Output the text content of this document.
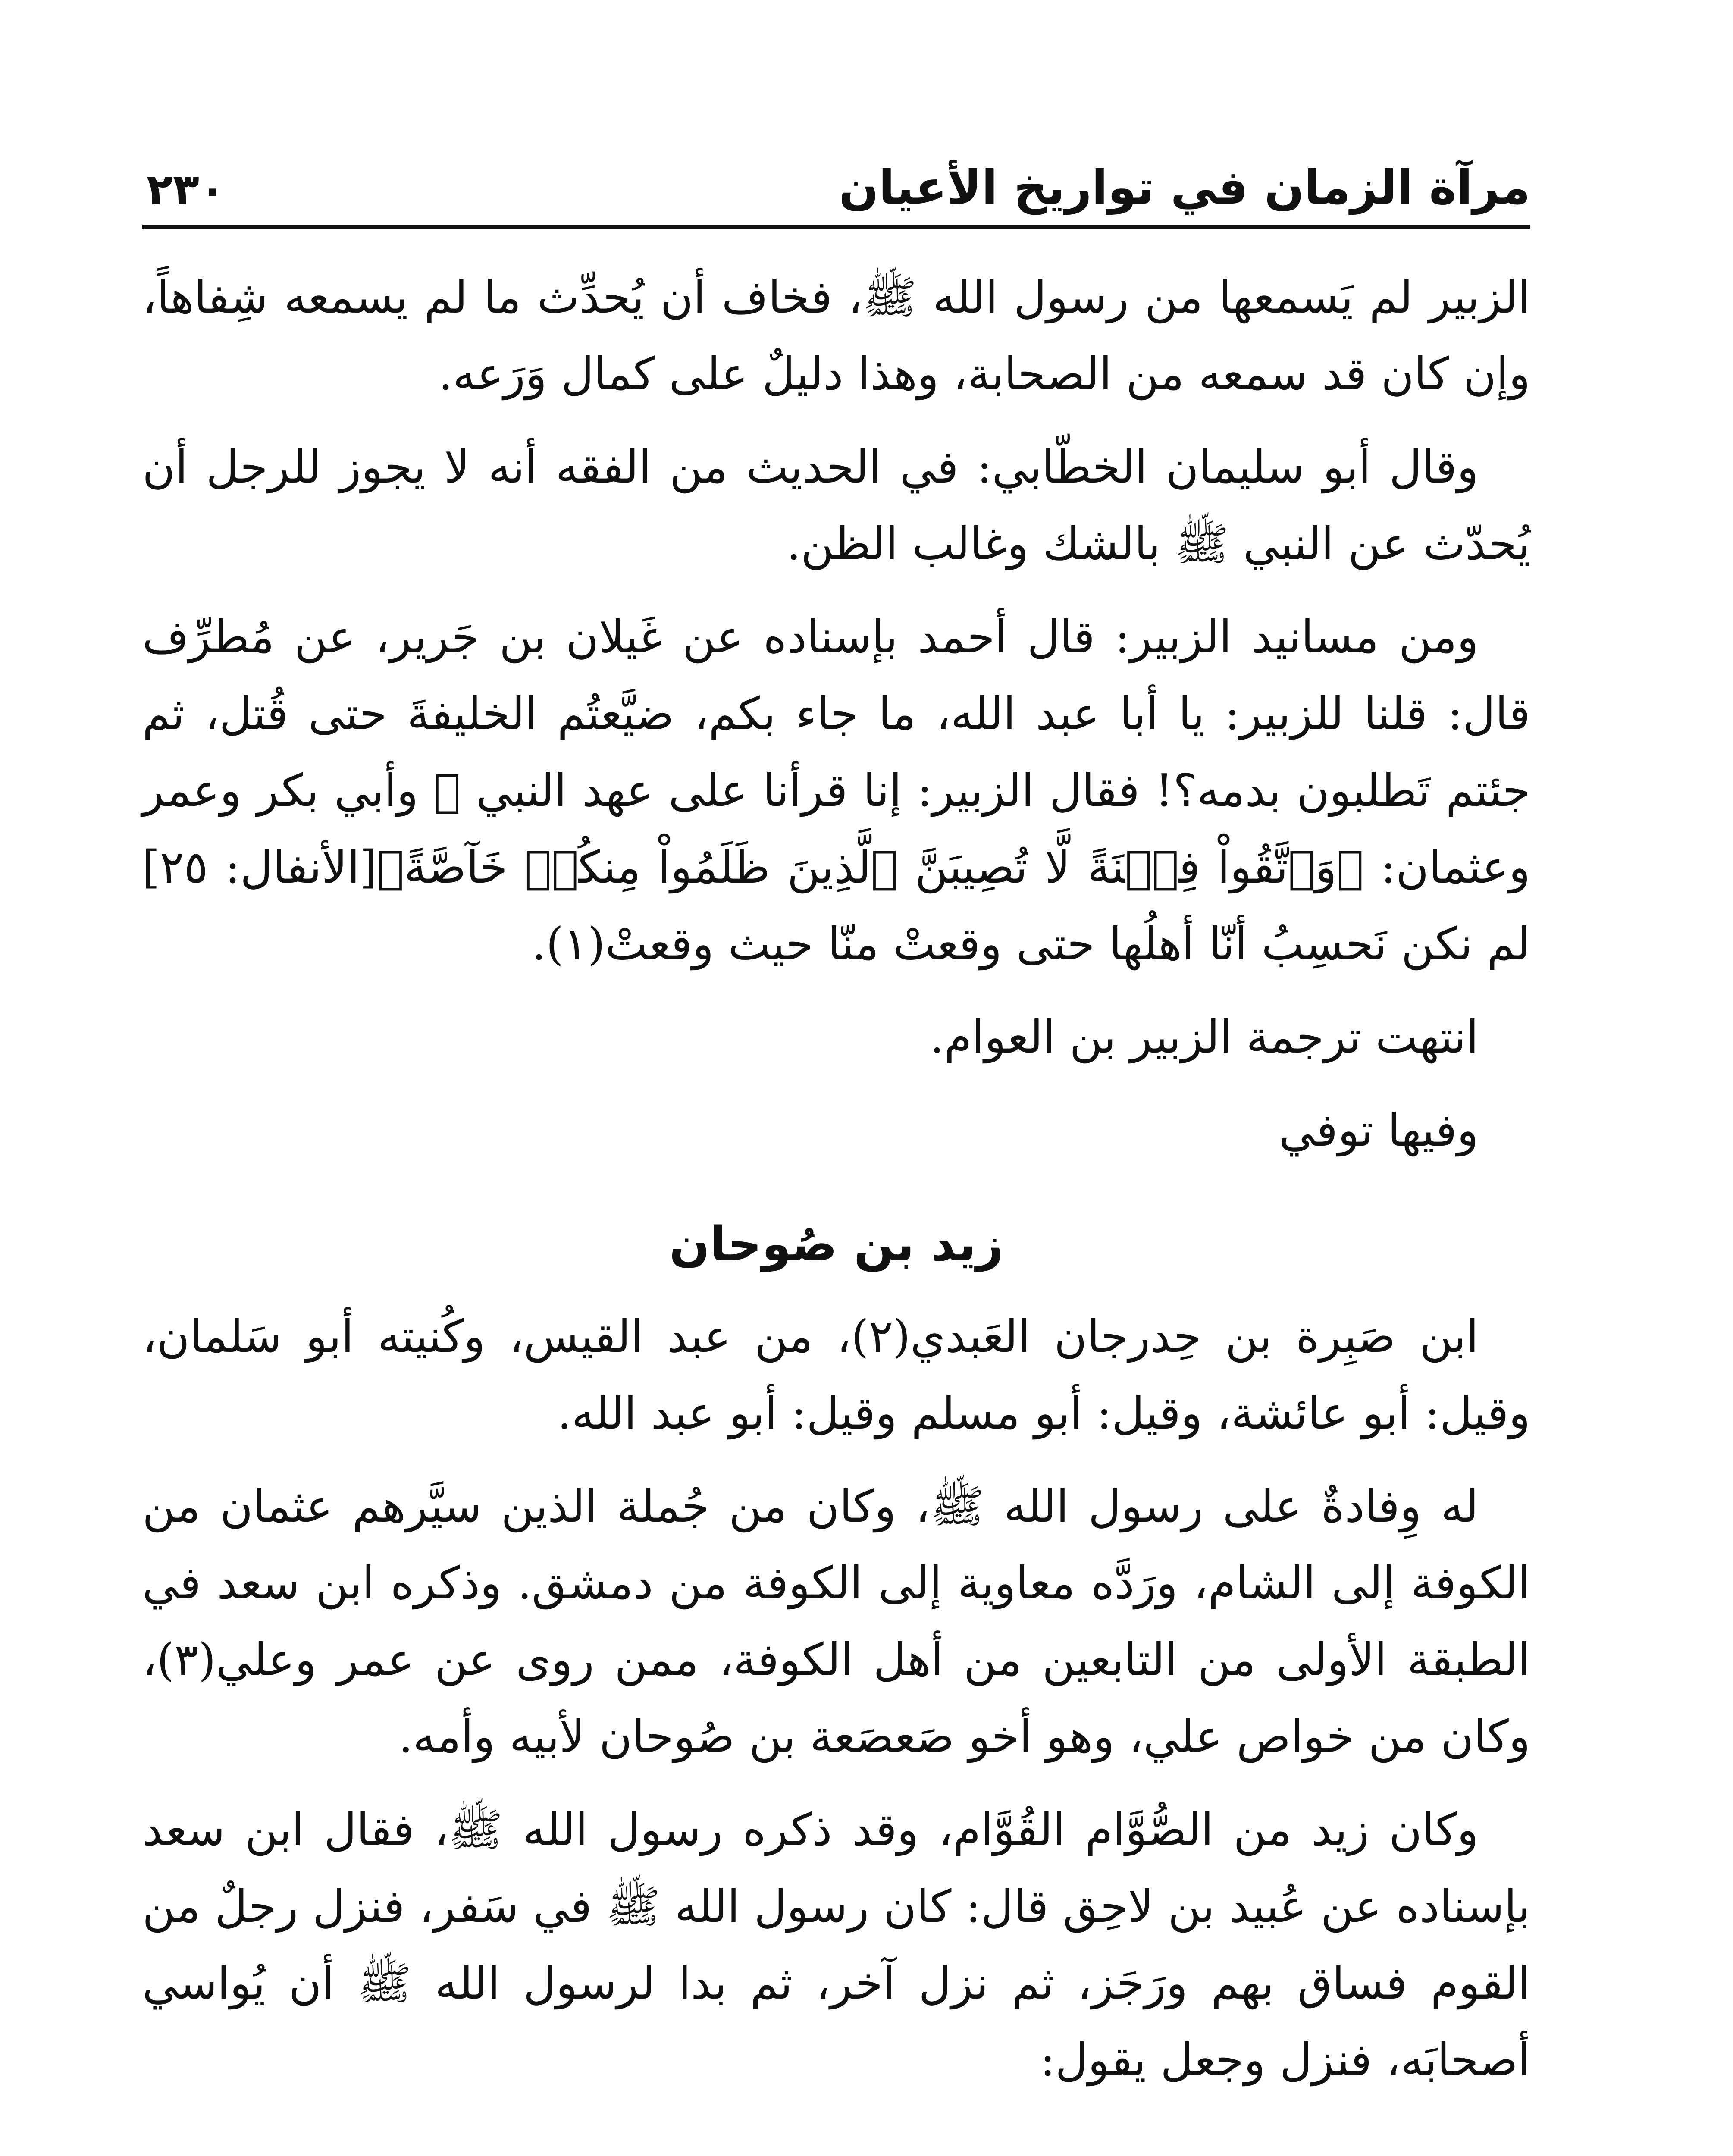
مرآة الزمان في تواريخ الأعيان
٢٣٠

الزبير لم يَسمعها من رسول الله ﷺ، فخاف أن يُحدِّث ما لم يسمعه شِفاهاً، وإن كان قد سمعه من الصحابة، وهذا دليلٌ على كمال وَرَعه.

وقال أبو سليمان الخطّابي: في الحديث من الفقه أنه لا يجوز للرجل أن يُحدّث عن النبي ﷺ بالشك وغالب الظن.

ومن مسانيد الزبير: قال أحمد بإسناده عن غَيلان بن جَرير، عن مُطرِّف قال: قلنا للزبير: يا أبا عبد الله، ما جاء بكم، ضيَّعتُم الخليفةَ حتى قُتل، ثم جئتم تَطلبون بدمه؟! فقال الزبير: إنا قرأنا على عهد النبي ﷺ وأبي بكر وعمر وعثمان: ﴿وَٱتَّقُواْ فِتۡنَةً لَّا تُصِيبَنَّ ٱلَّذِينَ ظَلَمُواْ مِنكُمۡ خَآصَّةً﴾[الأنفال: ٢٥] لم نكن نَحسِبُ أنّا أهلُها حتى وقعتْ منّا حيث وقعتْ(١).

انتهت ترجمة الزبير بن العوام.

وفيها توفي

زيد بن صُوحان

ابن صَبِرة بن حِدرجان العَبدي(٢)، من عبد القيس، وكُنيته أبو سَلمان، وقيل: أبو عائشة، وقيل: أبو مسلم وقيل: أبو عبد الله.

له وِفادةٌ على رسول الله ﷺ، وكان من جُملة الذين سيَّرهم عثمان من الكوفة إلى الشام، ورَدَّه معاوية إلى الكوفة من دمشق. وذكره ابن سعد في الطبقة الأولى من التابعين من أهل الكوفة، ممن روى عن عمر وعلي(٣)، وكان من خواص علي، وهو أخو صَعصَعة بن صُوحان لأبيه وأمه.

وكان زيد من الصُّوَّام القُوَّام، وقد ذكره رسول الله ﷺ، فقال ابن سعد بإسناده عن عُبيد بن لاحِق قال: كان رسول الله ﷺ في سَفر، فنزل رجلٌ من القوم فساق بهم ورَجَز، ثم نزل آخر، ثم بدا لرسول الله ﷺ أن يُواسي أصحابَه، فنزل وجعل يقول:
